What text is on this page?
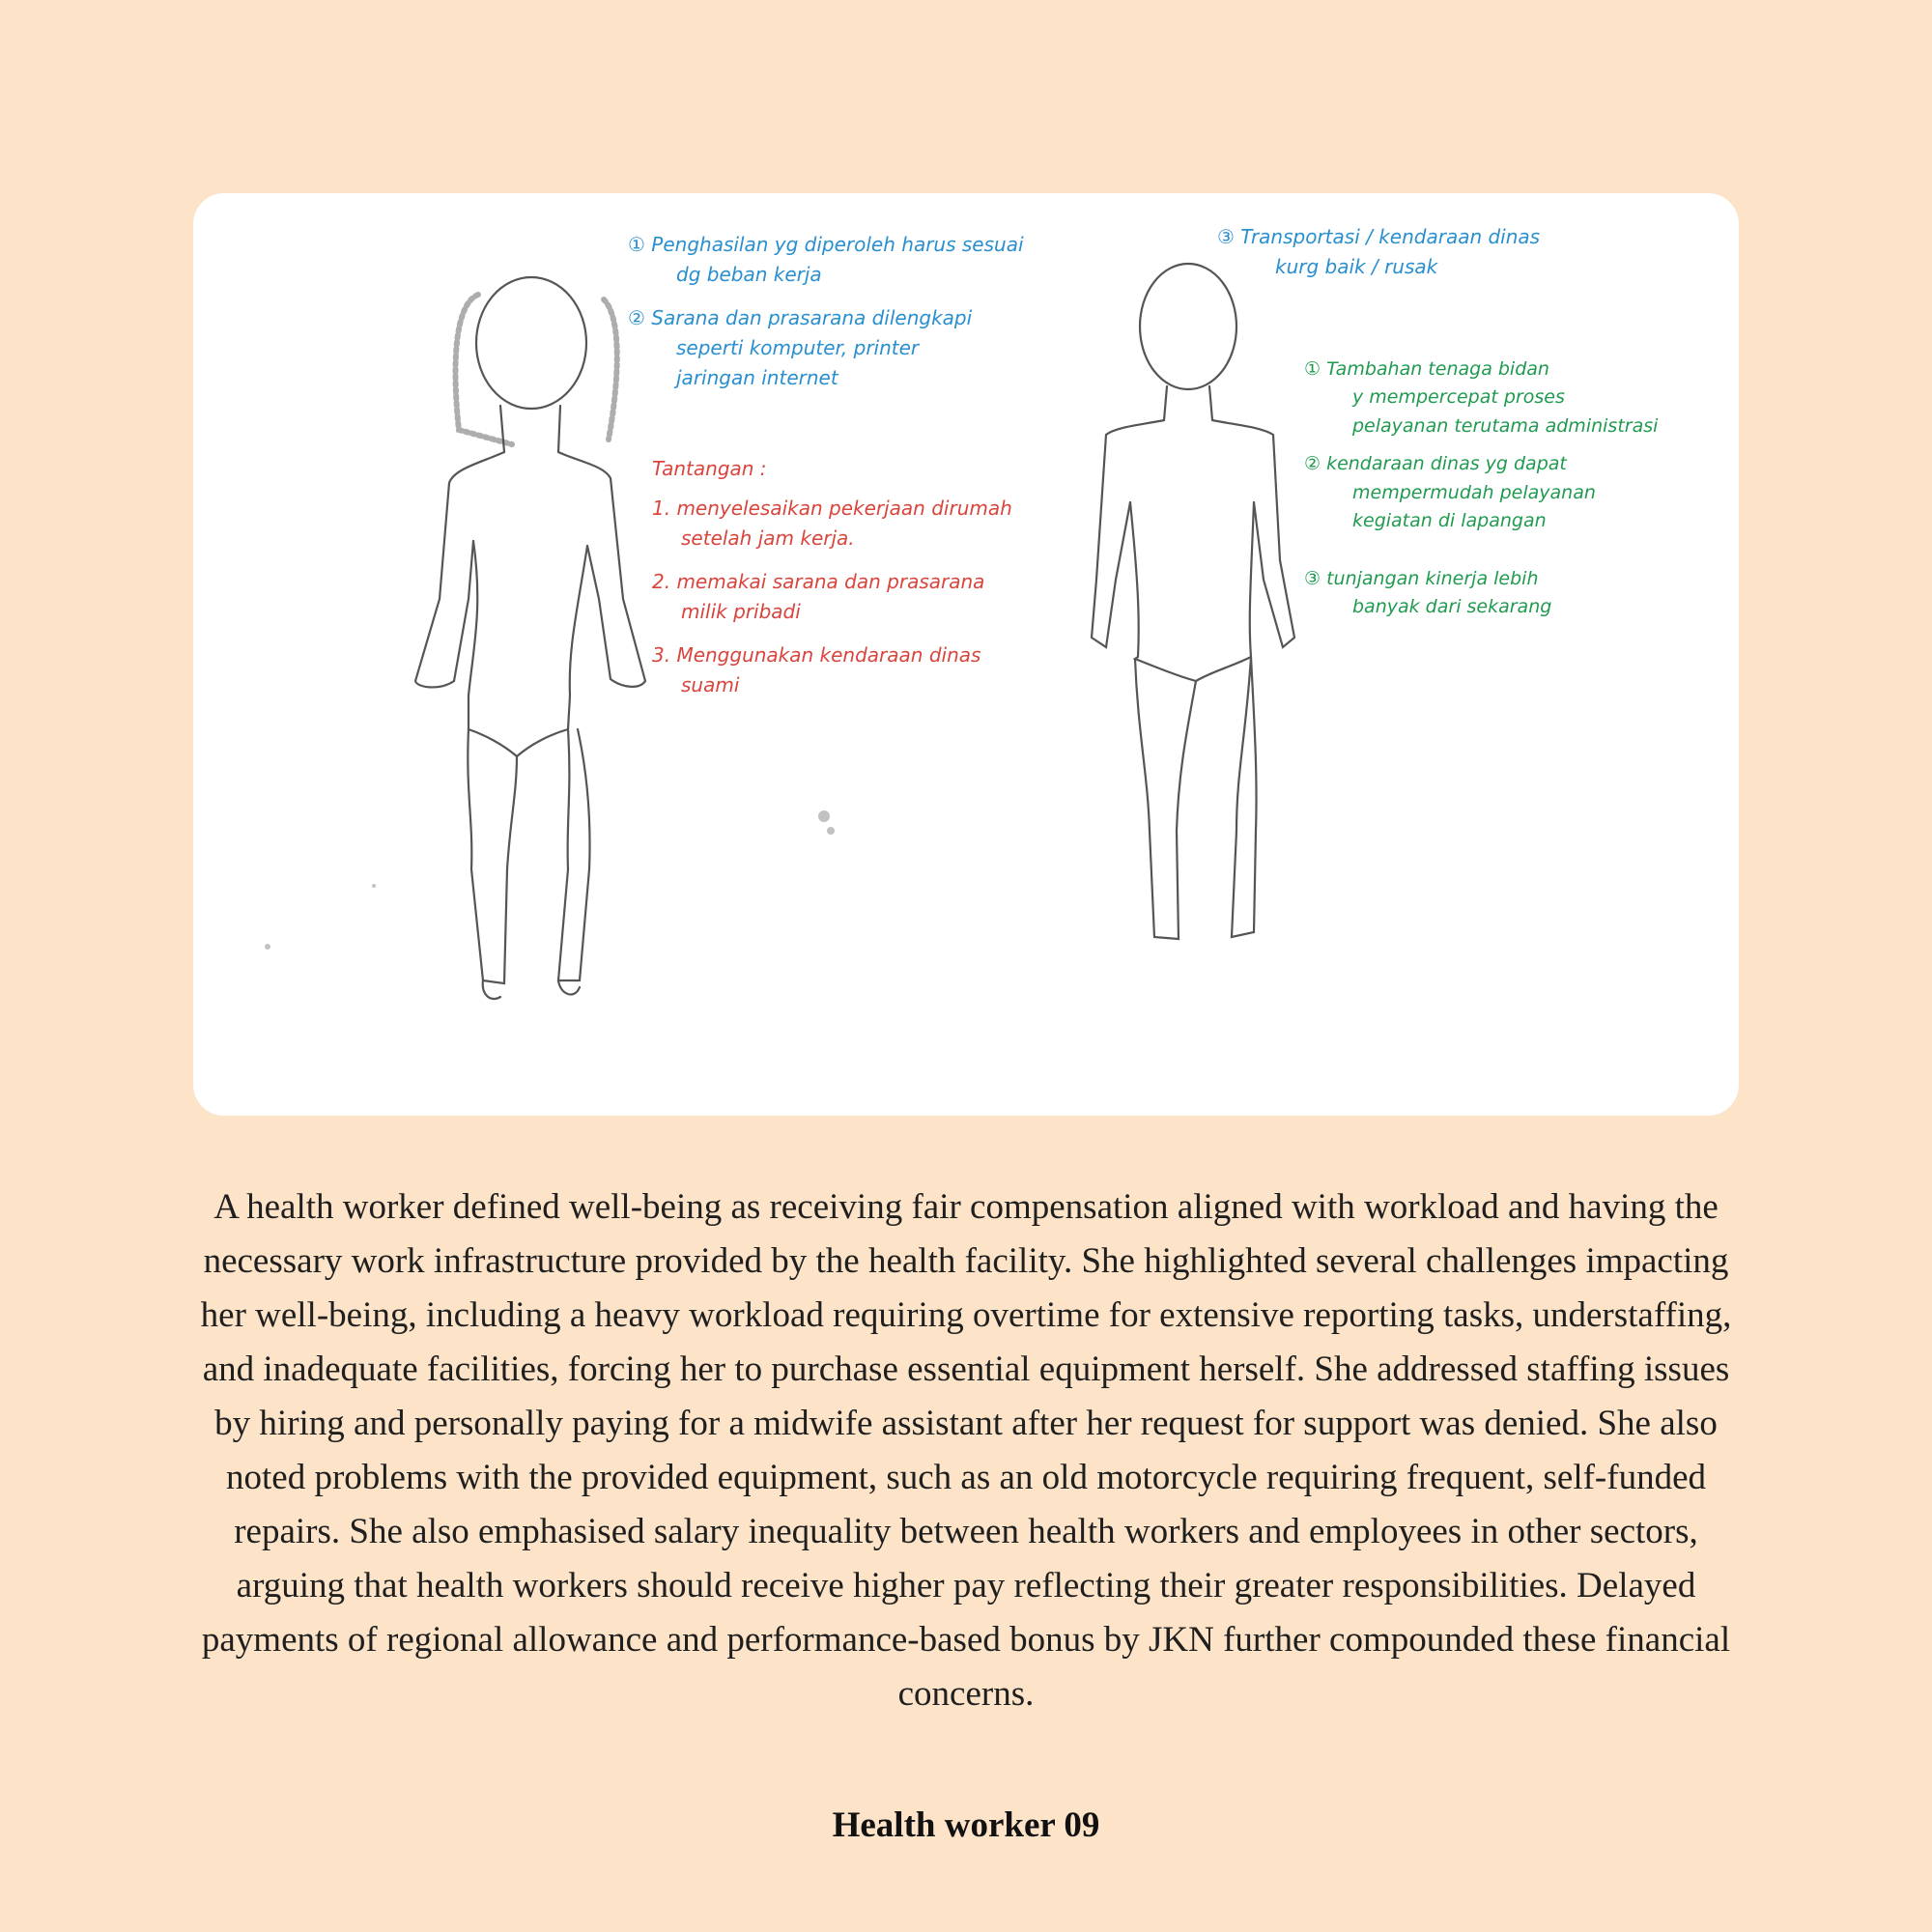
① Penghasilan yg diperoleh harus sesuai
dg beban kerja
② Sarana dan prasarana dilengkapi
seperti komputer, printer
jaringan internet
Tantangan :
1. menyelesaikan pekerjaan dirumah
setelah jam kerja.
2. memakai sarana dan prasarana
milik pribadi
3. Menggunakan kendaraan dinas
suami
③ Transportasi / kendaraan dinas
kurg baik / rusak
① Tambahan tenaga bidan
y mempercepat proses
pelayanan terutama administrasi
② kendaraan dinas yg dapat
mempermudah pelayanan
kegiatan di lapangan
③ tunjangan kinerja lebih
banyak dari sekarang

A health worker defined well-being as receiving fair compensation aligned with workload and having the necessary work infrastructure provided by the health facility. She highlighted several challenges impacting her well-being, including a heavy workload requiring overtime for extensive reporting tasks, understaffing, and inadequate facilities, forcing her to purchase essential equipment herself. She addressed staffing issues by hiring and personally paying for a midwife assistant after her request for support was denied. She also noted problems with the provided equipment, such as an old motorcycle requiring frequent, self-funded repairs. She also emphasised salary inequality between health workers and employees in other sectors, arguing that health workers should receive higher pay reflecting their greater responsibilities. Delayed payments of regional allowance and performance-based bonus by JKN further compounded these financial concerns.

Health worker 09
